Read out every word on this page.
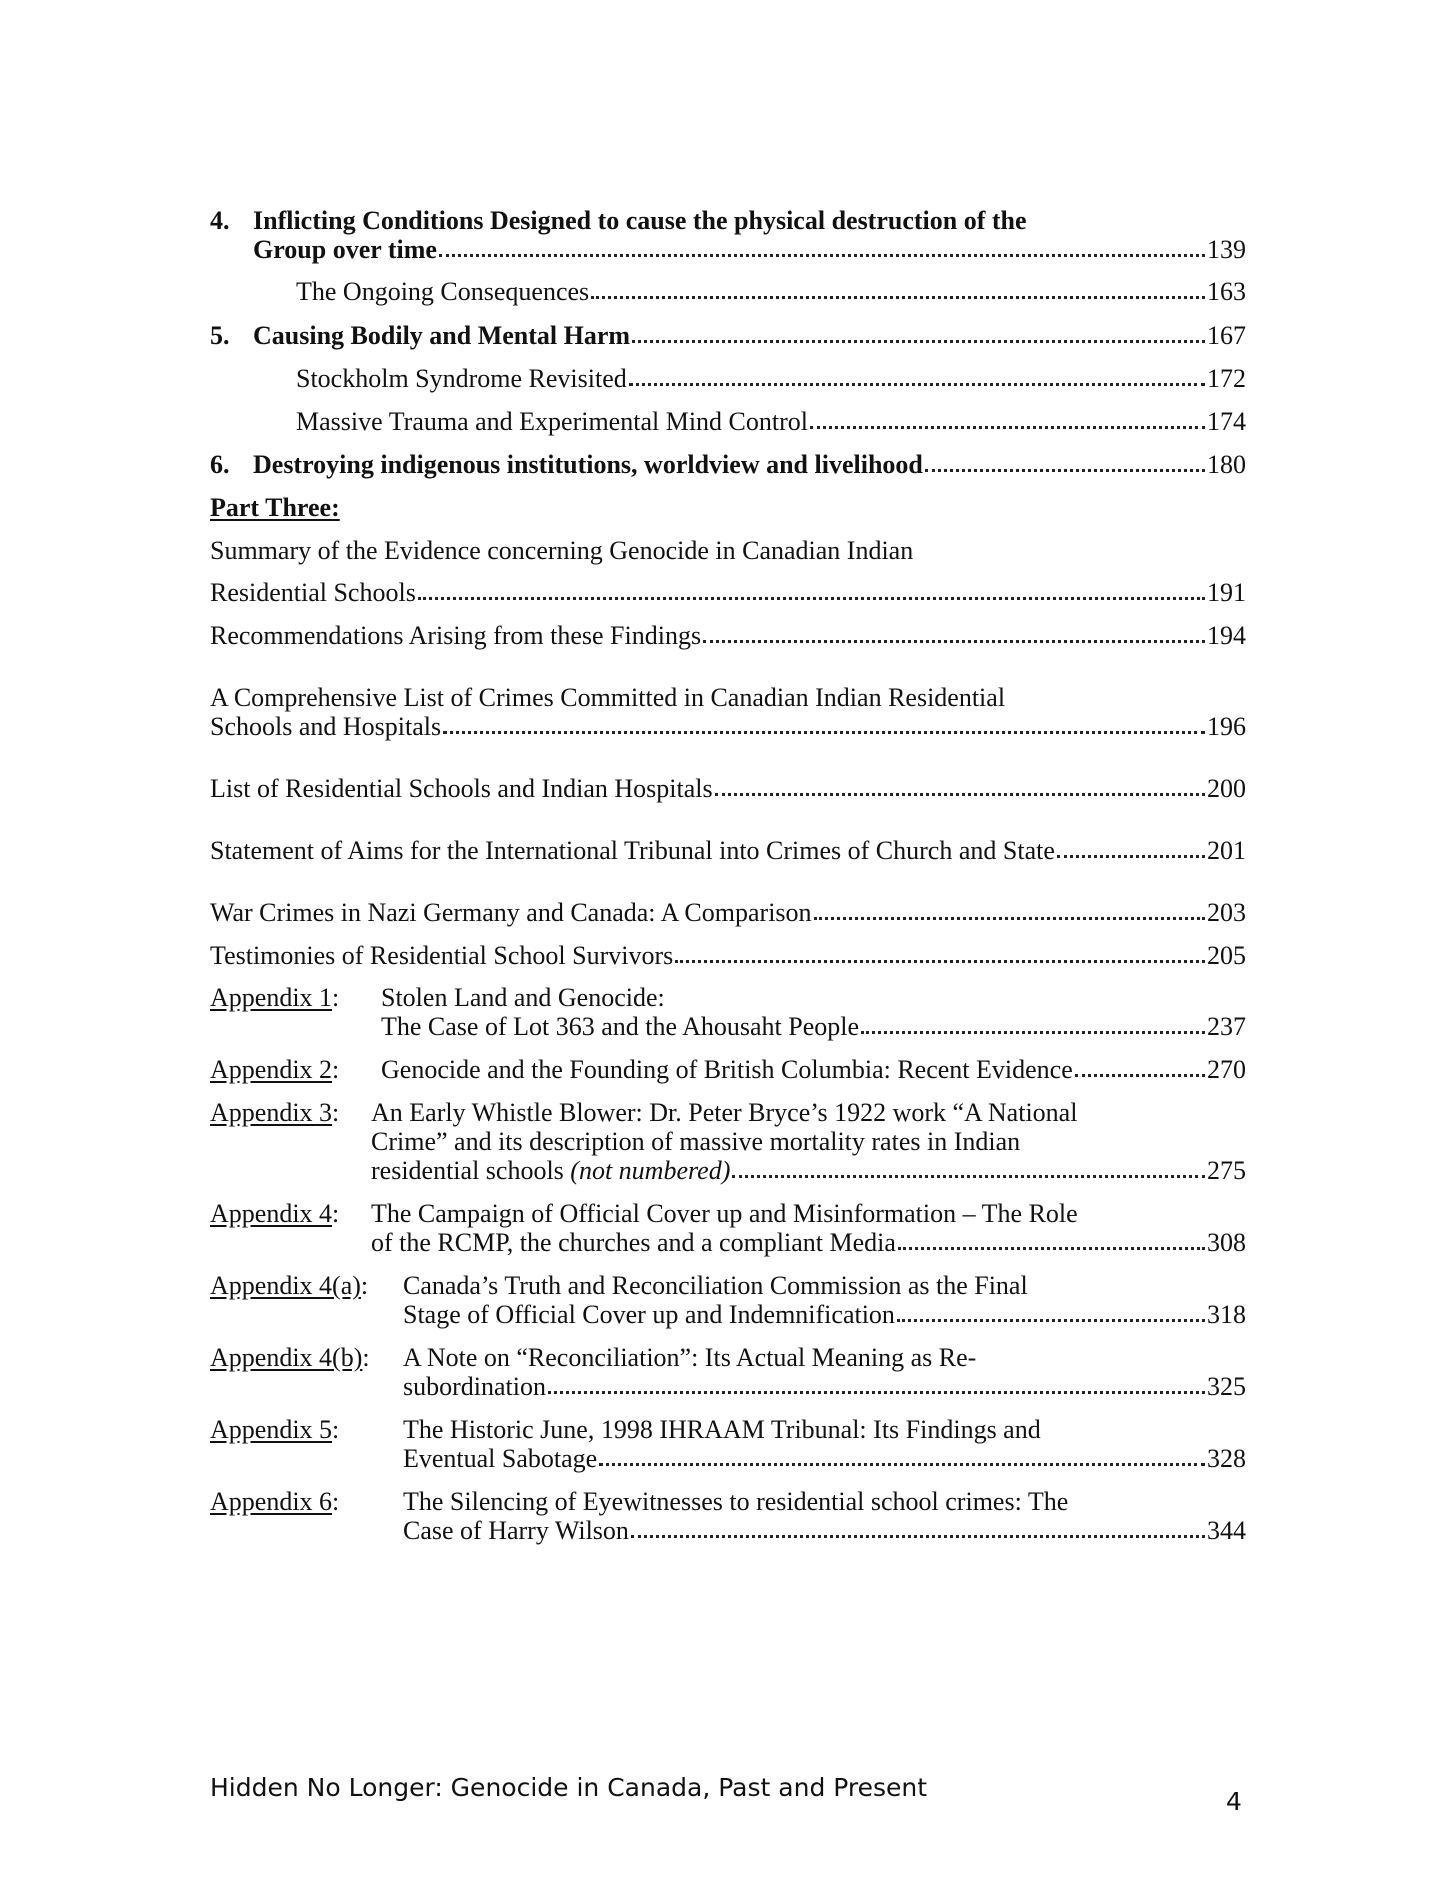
4. Inflicting Conditions Designed to cause the physical destruction of the
Group over time	139
The Ongoing Consequences	163
5. Causing Bodily and Mental Harm	167
Stockholm Syndrome Revisited	172
Massive Trauma and Experimental Mind Control	174
6. Destroying indigenous institutions, worldview and livelihood	180
Part Three:
Summary of the Evidence concerning Genocide in Canadian Indian
Residential Schools	191
Recommendations Arising from these Findings	194
A Comprehensive List of Crimes Committed in Canadian Indian Residential
Schools and Hospitals	196
List of Residential Schools and Indian Hospitals	200
Statement of Aims for the International Tribunal into Crimes of Church and State	201
War Crimes in Nazi Germany and Canada: A Comparison	203
Testimonies of Residential School Survivors	205
Appendix 1:	Stolen Land and Genocide:
The Case of Lot 363 and the Ahousaht People	237
Appendix 2:	Genocide and the Founding of British Columbia: Recent Evidence	270
Appendix 3:	An Early Whistle Blower: Dr. Peter Bryce’s 1922 work “A National
Crime” and its description of massive mortality rates in Indian
residential schools (not numbered)	275
Appendix 4:	The Campaign of Official Cover up and Misinformation – The Role
of the RCMP, the churches and a compliant Media	308
Appendix 4(a):	Canada’s Truth and Reconciliation Commission as the Final
Stage of Official Cover up and Indemnification	318
Appendix 4(b):	A Note on “Reconciliation”: Its Actual Meaning as Re-
subordination	325
Appendix 5:	The Historic June, 1998 IHRAAM Tribunal: Its Findings and
Eventual Sabotage	328
Appendix 6:	The Silencing of Eyewitnesses to residential school crimes: The
Case of Harry Wilson	344
Hidden No Longer: Genocide in Canada, Past and Present	4
